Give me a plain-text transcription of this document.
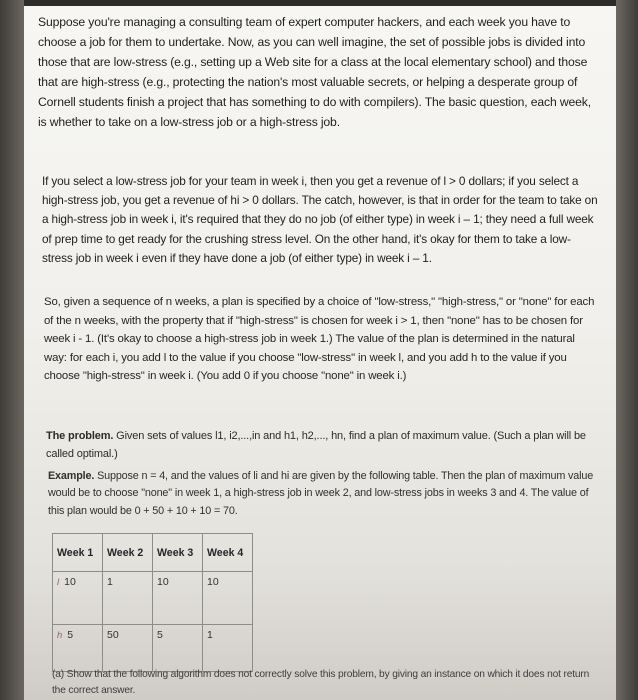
Suppose you're managing a consulting team of expert computer hackers, and each week you have to choose a job for them to undertake. Now, as you can well imagine, the set of possible jobs is divided into those that are low-stress (e.g., setting up a Web site for a class at the local elementary school) and those that are high-stress (e.g., protecting the nation's most valuable secrets, or helping a desperate group of Cornell students finish a project that has something to do with compilers). The basic question, each week, is whether to take on a low-stress job or a high-stress job.

If you select a low-stress job for your team in week i, then you get a revenue of l > 0 dollars; if you select a high-stress job, you get a revenue of hi > 0 dollars. The catch, however, is that in order for the team to take on a high-stress job in week i, it's required that they do no job (of either type) in week i – 1; they need a full week of prep time to get ready for the crushing stress level. On the other hand, it's okay for them to take a low-stress job in week i even if they have done a job (of either type) in week i – 1.

So, given a sequence of n weeks, a plan is specified by a choice of "low-stress," "high-stress," or "none" for each of the n weeks, with the property that if "high-stress" is chosen for week i > 1, then "none" has to be chosen for week i - 1. (It's okay to choose a high-stress job in week 1.) The value of the plan is determined in the natural way: for each i, you add l to the value if you choose "low-stress" in week l, and you add h to the value if you choose "high-stress" in week i. (You add 0 if you choose "none" in week i.)

The problem. Given sets of values l1, i2,...,in and h1, h2,..., hn, find a plan of maximum value. (Such a plan will be called optimal.)

Example. Suppose n = 4, and the values of li and hi are given by the following table. Then the plan of maximum value would be to choose "none" in week 1, a high-stress job in week 2, and low-stress jobs in weeks 3 and 4. The value of this plan would be 0 + 50 + 10 + 10 = 70.

Week 1	Week 2	Week 3	Week 4
l 10	1	10	10
h 5	50	5	1

(a) Show that the following algorithm does not correctly solve this problem, by giving an instance on which it does not return the correct answer.
